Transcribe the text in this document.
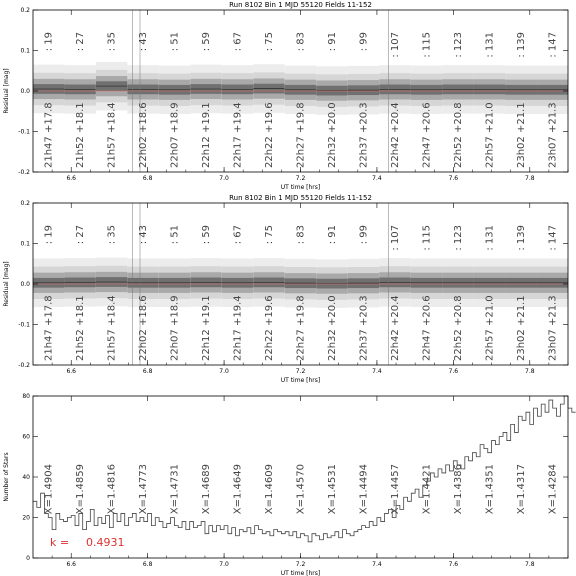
: 19
21h47 +17.8
: 27
21h52 +18.1
: 35
21h57 +18.4
: 43
22h02 +18.6
: 51
22h07 +18.9
: 59
22h12 +19.1
: 67
22h17 +19.4
: 75
22h22 +19.6
: 83
22h27 +19.8
: 91
22h32 +20.0
: 99
22h37 +20.3
: 107
22h42 +20.4
: 115
22h47 +20.6
: 123
22h52 +20.8
: 131
22h57 +21.0
: 139
23h02 +21.1
: 147
23h07 +21.3
Run 8102 Bin 1 MJD 55120 Fields 11-152
6.6	6.8	7.0	7.2	7.4	7.6	7.8
0.2
0.1
0.0
-0.1
-0.2
UT time [hrs]
Residual [mag]
: 19
21h47 +17.8
: 27
21h52 +18.1
: 35
21h57 +18.4
: 43
22h02 +18.6
: 51
22h07 +18.9
: 59
22h12 +19.1
: 67
22h17 +19.4
: 75
22h22 +19.6
: 83
22h27 +19.8
: 91
22h32 +20.0
: 99
22h37 +20.3
: 107
22h42 +20.4
: 115
22h47 +20.6
: 123
22h52 +20.8
: 131
22h57 +21.0
: 139
23h02 +21.1
: 147
23h07 +21.3
Run 8102 Bin 1 MJD 55120 Fields 11-152
6.6	6.8	7.0	7.2	7.4	7.6	7.8
0.2
0.1
0.0
-0.1
-0.2
UT time [hrs]
Residual [mag]
X=1.4904 X=1.4859 X=1.4816 X=1.4773 X=1.4731 X=1.4689 X=1.4649 X=1.4609 X=1.4570 X=1.4531 X=1.4494 X=1.4457 X=1.4421 X=1.4386 X=1.4351 X=1.4317 X=1.4284
k = 0.4931
6.6	6.8	7.0	7.2	7.4	7.6	7.8
80
60
40
20
0
UT time [hrs]
Number of Stars
